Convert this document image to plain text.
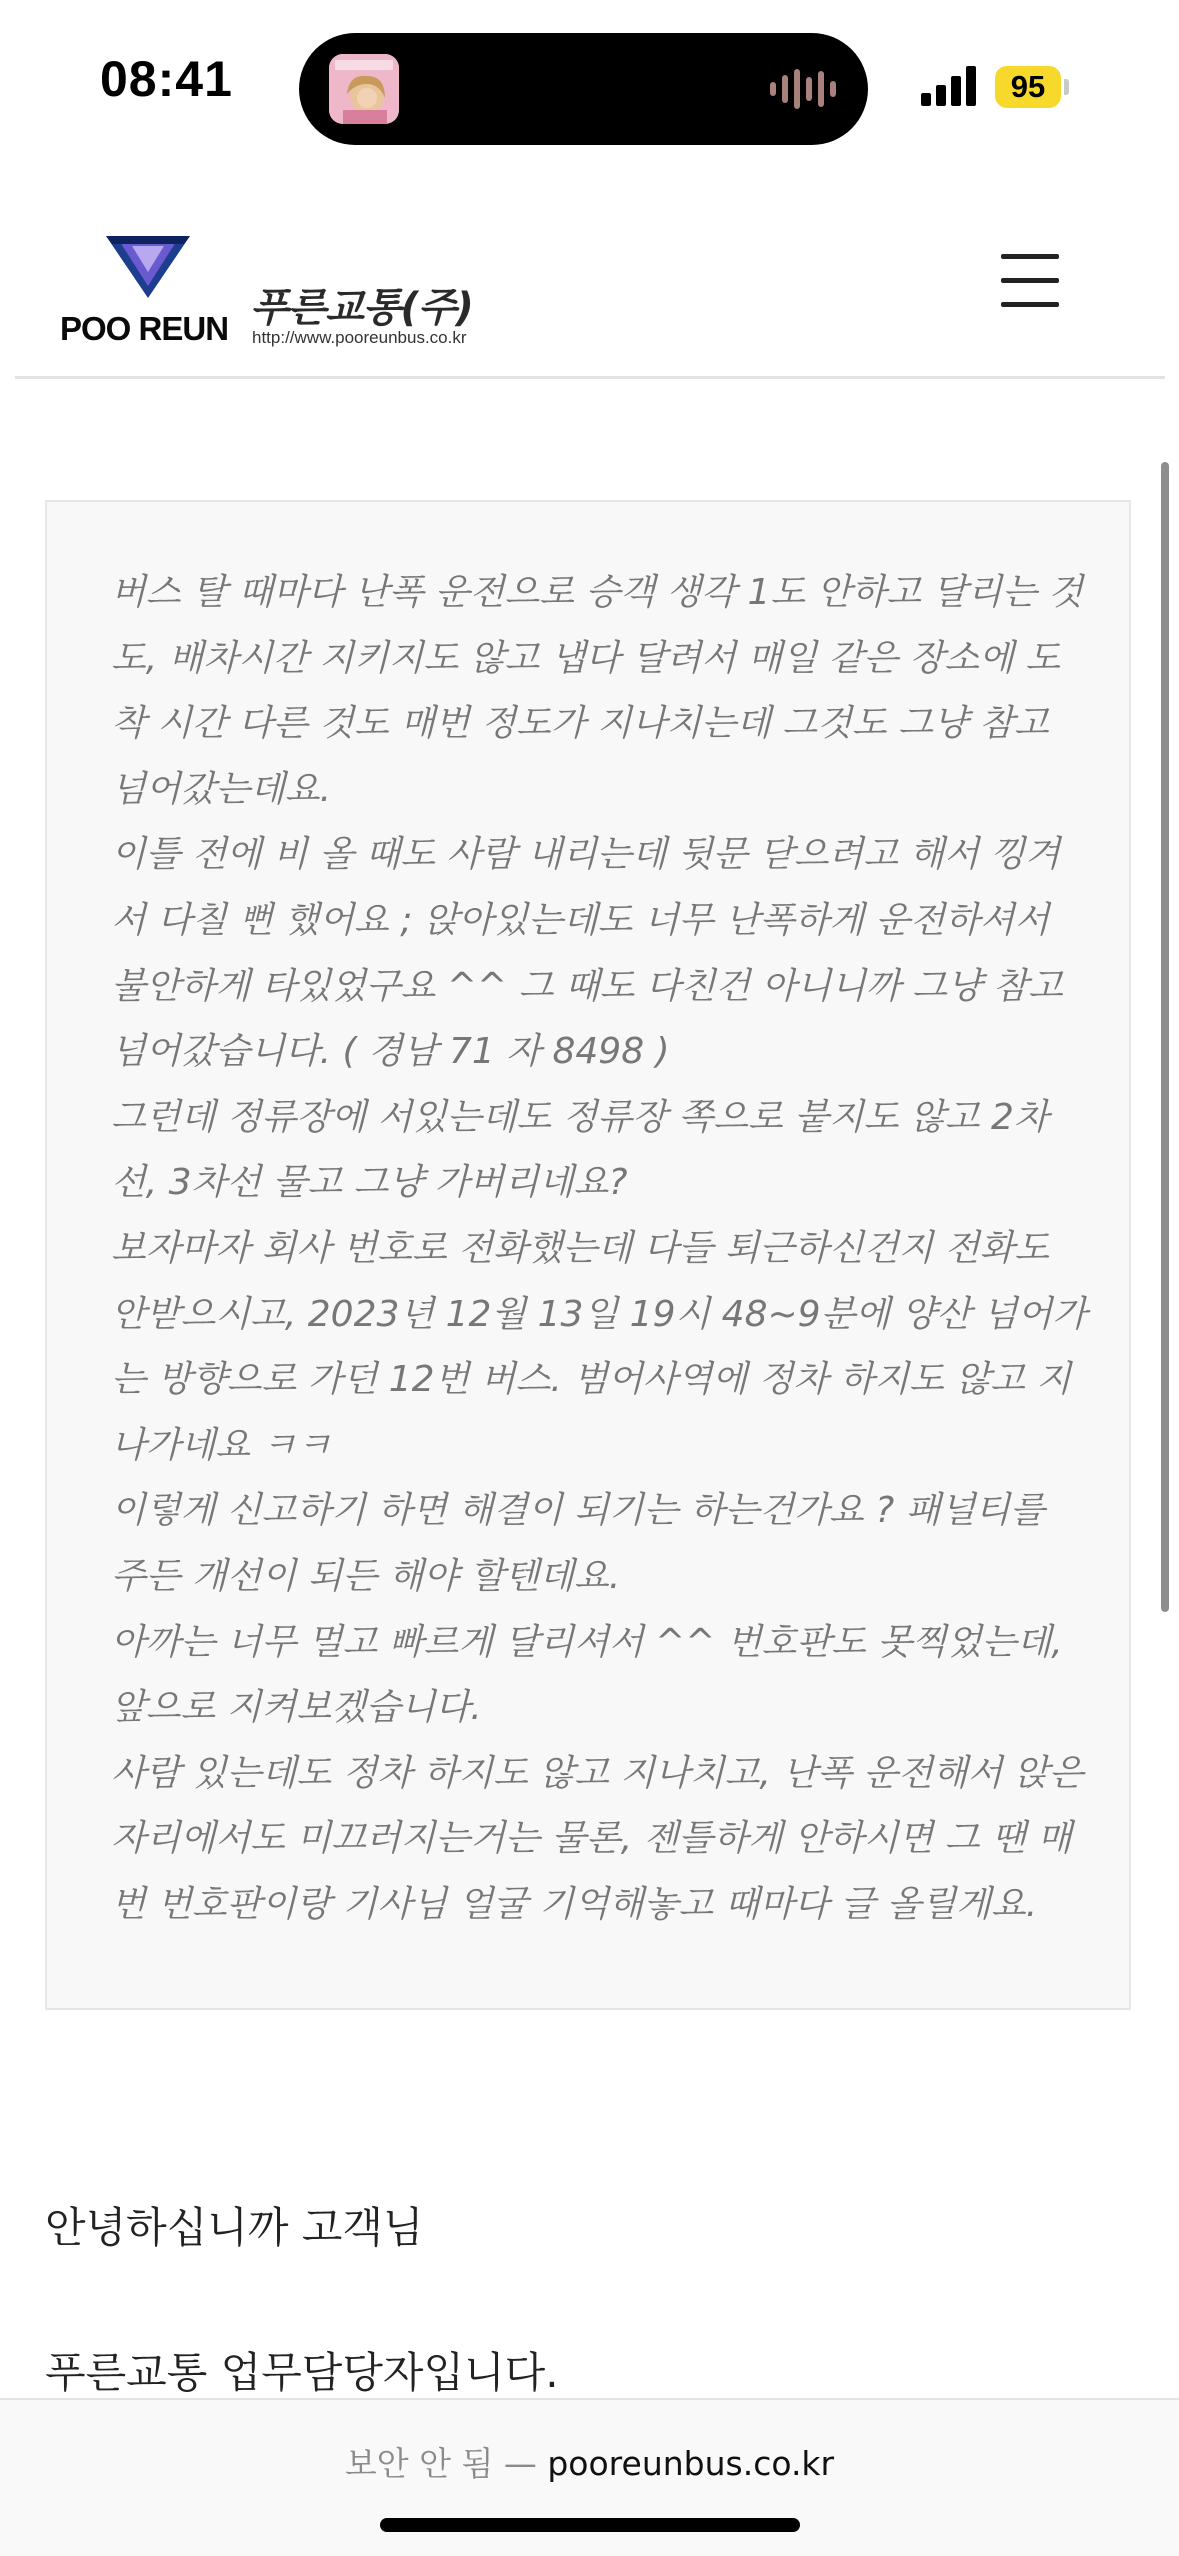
08:41	95
POO REUN 푸른교통(주)
http://www.pooreunbus.co.kr
버스 탈 때마다 난폭 운전으로 승객 생각 1도 안하고 달리는 것
도, 배차시간 지키지도 않고 냅다 달려서 매일 같은 장소에 도
착 시간 다른 것도 매번 정도가 지나치는데 그것도 그냥 참고
넘어갔는데요.
이틀 전에 비 올 때도 사람 내리는데 뒷문 닫으려고 해서 낑겨
서 다칠 뻔 했어요 ; 앉아있는데도 너무 난폭하게 운전하셔서
불안하게 타있었구요 ^^ 그 때도 다친건 아니니까 그냥 참고
넘어갔습니다. ( 경남 71 자 8498 )
그런데 정류장에 서있는데도 정류장 쪽으로 붙지도 않고 2차
선, 3차선 물고 그냥 가버리네요?
보자마자 회사 번호로 전화했는데 다들 퇴근하신건지 전화도
안받으시고, 2023년 12월 13일 19시 48~9분에 양산 넘어가
는 방향으로 가던 12번 버스. 범어사역에 정차 하지도 않고 지
나가네요 ㅋㅋ
이렇게 신고하기 하면 해결이 되기는 하는건가요 ? 패널티를
주든 개선이 되든 해야 할텐데요.
아까는 너무 멀고 빠르게 달리셔서 ^^ 번호판도 못찍었는데,
앞으로 지켜보겠습니다.
사람 있는데도 정차 하지도 않고 지나치고, 난폭 운전해서 앉은
자리에서도 미끄러지는거는 물론, 젠틀하게 안하시면 그 땐 매
번 번호판이랑 기사님 얼굴 기억해놓고 때마다 글 올릴게요.
안녕하십니까 고객님
푸른교통 업무담당자입니다.
보안 안 됨 — pooreunbus.co.kr
